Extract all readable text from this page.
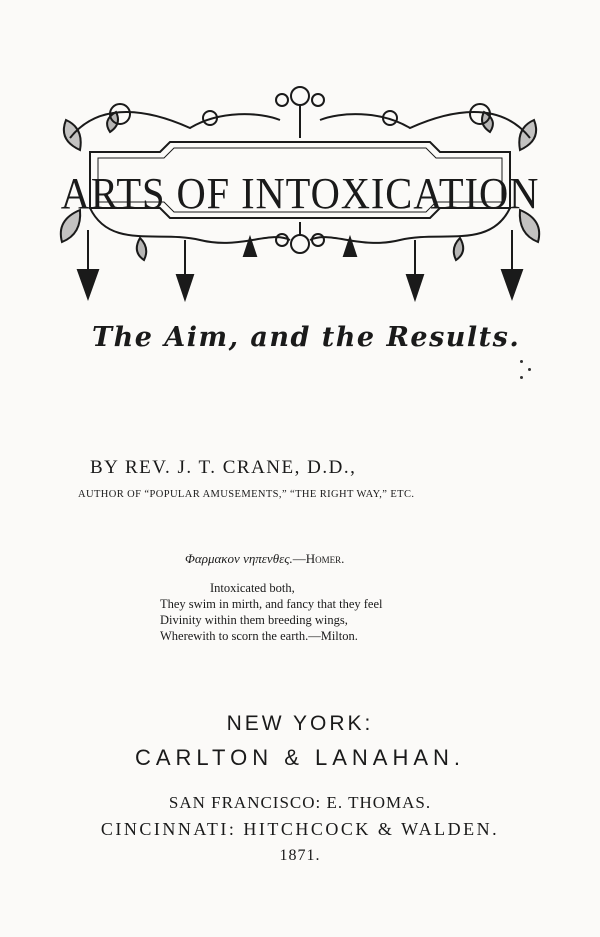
ARTS OF INTOXICATION
The Aim, and the Results.
BY REV. J. T. CRANE, D.D.,
AUTHOR OF “POPULAR AMUSEMENTS,” “THE RIGHT WAY,” ETC.
Φαρμακον νηπενθες.—Homer.
Intoxicated both,
They swim in mirth, and fancy that they feel
Divinity within them breeding wings,
Wherewith to scorn the earth.—Milton.
NEW YORK:
CARLTON & LANAHAN.
SAN FRANCISCO: E. THOMAS.
CINCINNATI: HITCHCOCK & WALDEN.
1871.
